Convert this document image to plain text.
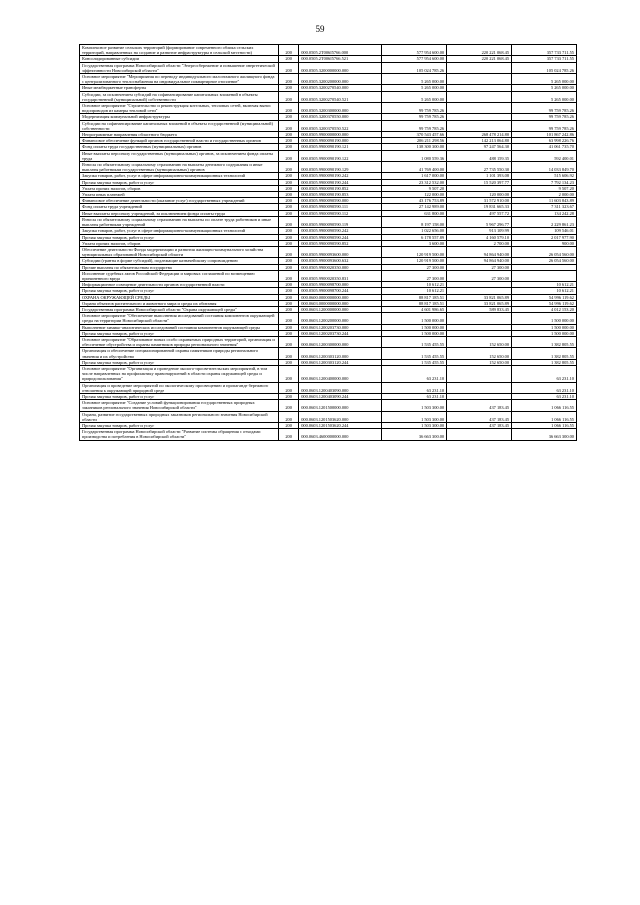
59
Комплексное развитие сельских территорий (формирование современного облика сельских территорий, направленных на создание и развитие инфраструктуры в сельской местности)	200	000.0505.2T006I5766.000	577 954 600.00	220 221 068.45	357 733 711.55
Консолидированные субсидии	200	000.0505.2T006I5766.521	577 954 600.00	220 221 068.45	357 733 711.55
Государственная программа Новосибирской области "Энергосбережение и повышение энергетической эффективности Новосибирской области"	200	000.0505.3200000000.000	105 024 785.26		105 024 785.26
Основное мероприятие "Мероприятия по переводу индивидуального малоэтажного жилищного фонда с централизованного теплоснабжения на индивидуальное поквартирное отопление"	200	000.0505.3200200000.000	5 265 000.00		5 265 000.00
Иные межбюджетные трансферты	200	000.0505.3200270540.000	5 265 000.00		5 265 000.00
Субсидии, за исключением субсидий на софинансирование капитальных вложений в объекты государственной (муниципальной) собственности	200	000.0505.3200270540.521	5 265 000.00		5 265 000.00
Основное мероприятие "Строительство и реконструкция котельных, тепловых сетей, включая вынос водопроводов из камеры тепловой сети"	200	000.0505.3200300000.000	99 759 785.26		99 759 785.26
Модернизация коммунальной инфраструктуры	200	000.0505.3200370550.000	99 759 785.26		99 759 785.26
Субсидии на софинансирование капитальных вложений в объекты государственной (муниципальной) собственности	200	000.0505.3200370550.522	99 759 785.26		99 759 785.26
Непрограммные направления областного бюджета	200	000.0505.9900000000.000	370 543 457.66	268 478 214.80	101 867 242.86
Финансовое обеспечение функций органов государственной власти и государственных органов	200	000.0505.9900090190.000	206 211 298.56	142 213 064.80	63 998 226.76
Фонд оплаты труда государственных (муниципальных) органов	200	000.0505.9900090190.121	138 300 300.00	97 247 564.30	41 061 735.70
Иные выплаты персоналу государственных (муниципальных) органов, за исключением фонда оплаты труда	200	000.0505.9900090190.122	1 080 559.36	488 159.35	592 400.01
Взносы по обязательному социальному страхованию на выплаты денежного содержания и иные выплаты работникам государственных (муниципальных) органов	200	000.0505.9900090190.129	41 769 400.00	27 735 550.30	14 033 849.70
Закупка товаров, работ, услуг в сфере информационно-коммуникационных технологий	200	000.0505.9900090190.242	1 617 000.00	1 101 393.08	515 606.92
Прочая закупка товаров, работ и услуг	200	000.0505.9900090190.244	23 312 532.00	15 520 397.77	7 792 134.23
Уплата прочих налогов, сборов	200	000.0505.9900090190.852	9 507.20		9 507.20
Уплата иных платежей	200	000.0505.9900090190.853	122 000.00	120 000.00	2 000.00
Финансовое обеспечение деятельности (оказание услуг) государственных учреждений	200	000.0505.9900090590.000	43 176 753.89	31 572 910.00	11 603 843.89
Фонд оплаты труда учреждений	200	000.0505.9900090590.111	27 142 989.00	19 831 665.33	7 311 323.67
Иные выплаты персоналу учреждений, за исключением фонда оплаты труда	200	000.0505.9900090590.112	631 800.00	497 557.72	134 242.28
Взносы по обязательному социальному страхованию на выплаты по оплате труда работников и иные выплаты работникам учреждений	200	000.0505.9900090590.119	8 197 158.00	5 967 296.77	2 229 861.23
Закупка товаров, работ, услуг в сфере информационно-коммуникационных технологий	200	000.0505.9900090590.242	1 022 656.00	913 109.99	109 546.01
Прочая закупка товаров, работ и услуг	200	000.0505.9900090590.244	6 178 557.89	4 160 579.10	2 017 977.90
Уплата прочих налогов, сборов	200	000.0505.9900090590.852	3 600.00	2 700.00	900.00
Обеспечение деятельности Фонда модернизации и развития жилищно-коммунального хозяйства муниципальных образований Новосибирской области	200	000.0505.9900093600.000	120 919 500.00	94 864 940.00	26 054 560.00
Субсидии (гранты в форме субсидий), подлежащие казначейскому сопровождению	200	000.0505.9900093600.632	120 919 500.00	94 864 940.00	26 054 560.00
Прочие выплаты по обязательствам государства	200	000.0505.9900020350.000	27 300.00	27 300.00	
Исполнение судебных актов Российской Федерации и мировых соглашений по возмещению причиненного вреда	200	000.0505.9900020350.831	27 300.00	27 300.00	
Информационное освещение деятельности органов государственной власти	200	000.0505.9900098700.000	10 612.21		10 612.21
Прочая закупка товаров, работ и услуг	200	000.0505.9900098700.244	10 612.21		10 612.21
ОХРАНА ОКРУЖАЮЩЕЙ СРЕДЫ	200	000.0600.0000000000.000	88 817 185.51	33 821 065.89	54 996 119.62
Охрана объектов растительного и животного мира и среды их обитания	200	000.0603.0000000000.000	88 817 185.51	33 821 065.89	54 996 119.62
Государственная программа Новосибирской области "Охрана окружающей среды"	200	000.0603.1200000000.000	4 601 986.65	589 833.45	4 012 153.20
Основное мероприятие "Обеспечение выполнения исследований состояния компонентов окружающей среды на территории Новосибирской области"	200	000.0603.1200200000.000	1 500 000.00		1 500 000.00
Выполнение химико-аналитических исследований состояния компонентов окружающей среды	200	000.0603.1200203730.000	1 500 000.00		1 500 000.00
Прочая закупка товаров, работ и услуг	200	000.0603.1200203730.244	1 500 000.00		1 500 000.00
Основное мероприятие "Образование новых особо охраняемых природных территорий, организация и обеспечение обустройства и охраны памятников природы регионального значения"	200	000.0603.1200300000.000	1 535 455.55	152 650.00	1 382 805.55
Организация и обеспечение специализированной охраны памятников природы регионального значения и их обустройство	200	000.0603.1200303120.000	1 535 455.55	152 650.00	1 382 805.55
Прочая закупка товаров, работ и услуг	200	000.0603.1200303120.244	1 535 455.55	152 650.00	1 382 805.55
Основное мероприятие "Организация и проведение эколого-просветительских мероприятий, в том числе направленных на профилактику правонарушений в области охраны окружающей среды и природопользования"	200	000.0603.1200400000.000	63 231.10		63 231.10
Организация и проведение мероприятий по экологическому просвещению и пропаганде бережного отношения к окружающей природной среде	200	000.0603.1200403090.000	63 231.10		63 231.10
Прочая закупка товаров, работ и услуг	200	000.0603.1200403090.244	63 231.10		63 231.10
Основное мероприятие "Создание условий функционирования государственных природных заказников регионального значения Новосибирской области"	200	000.0603.1201500000.000	1 503 300.00	437 183.45	1 066 116.55
Охрана, развитие государственных природных заказников регионального значения Новосибирской области	200	000.0603.1201503620.000	1 503 300.00	437 183.45	1 066 116.55
Прочая закупка товаров, работ и услуг	200	000.0603.1201503620.244	1 503 300.00	437 183.45	1 066 116.55
Государственная программа Новосибирской области "Развитие системы обращения с отходами производства и потребления в Новосибирской области"	200	000.0603.4600000000.000	36 663 300.00		36 663 300.00
